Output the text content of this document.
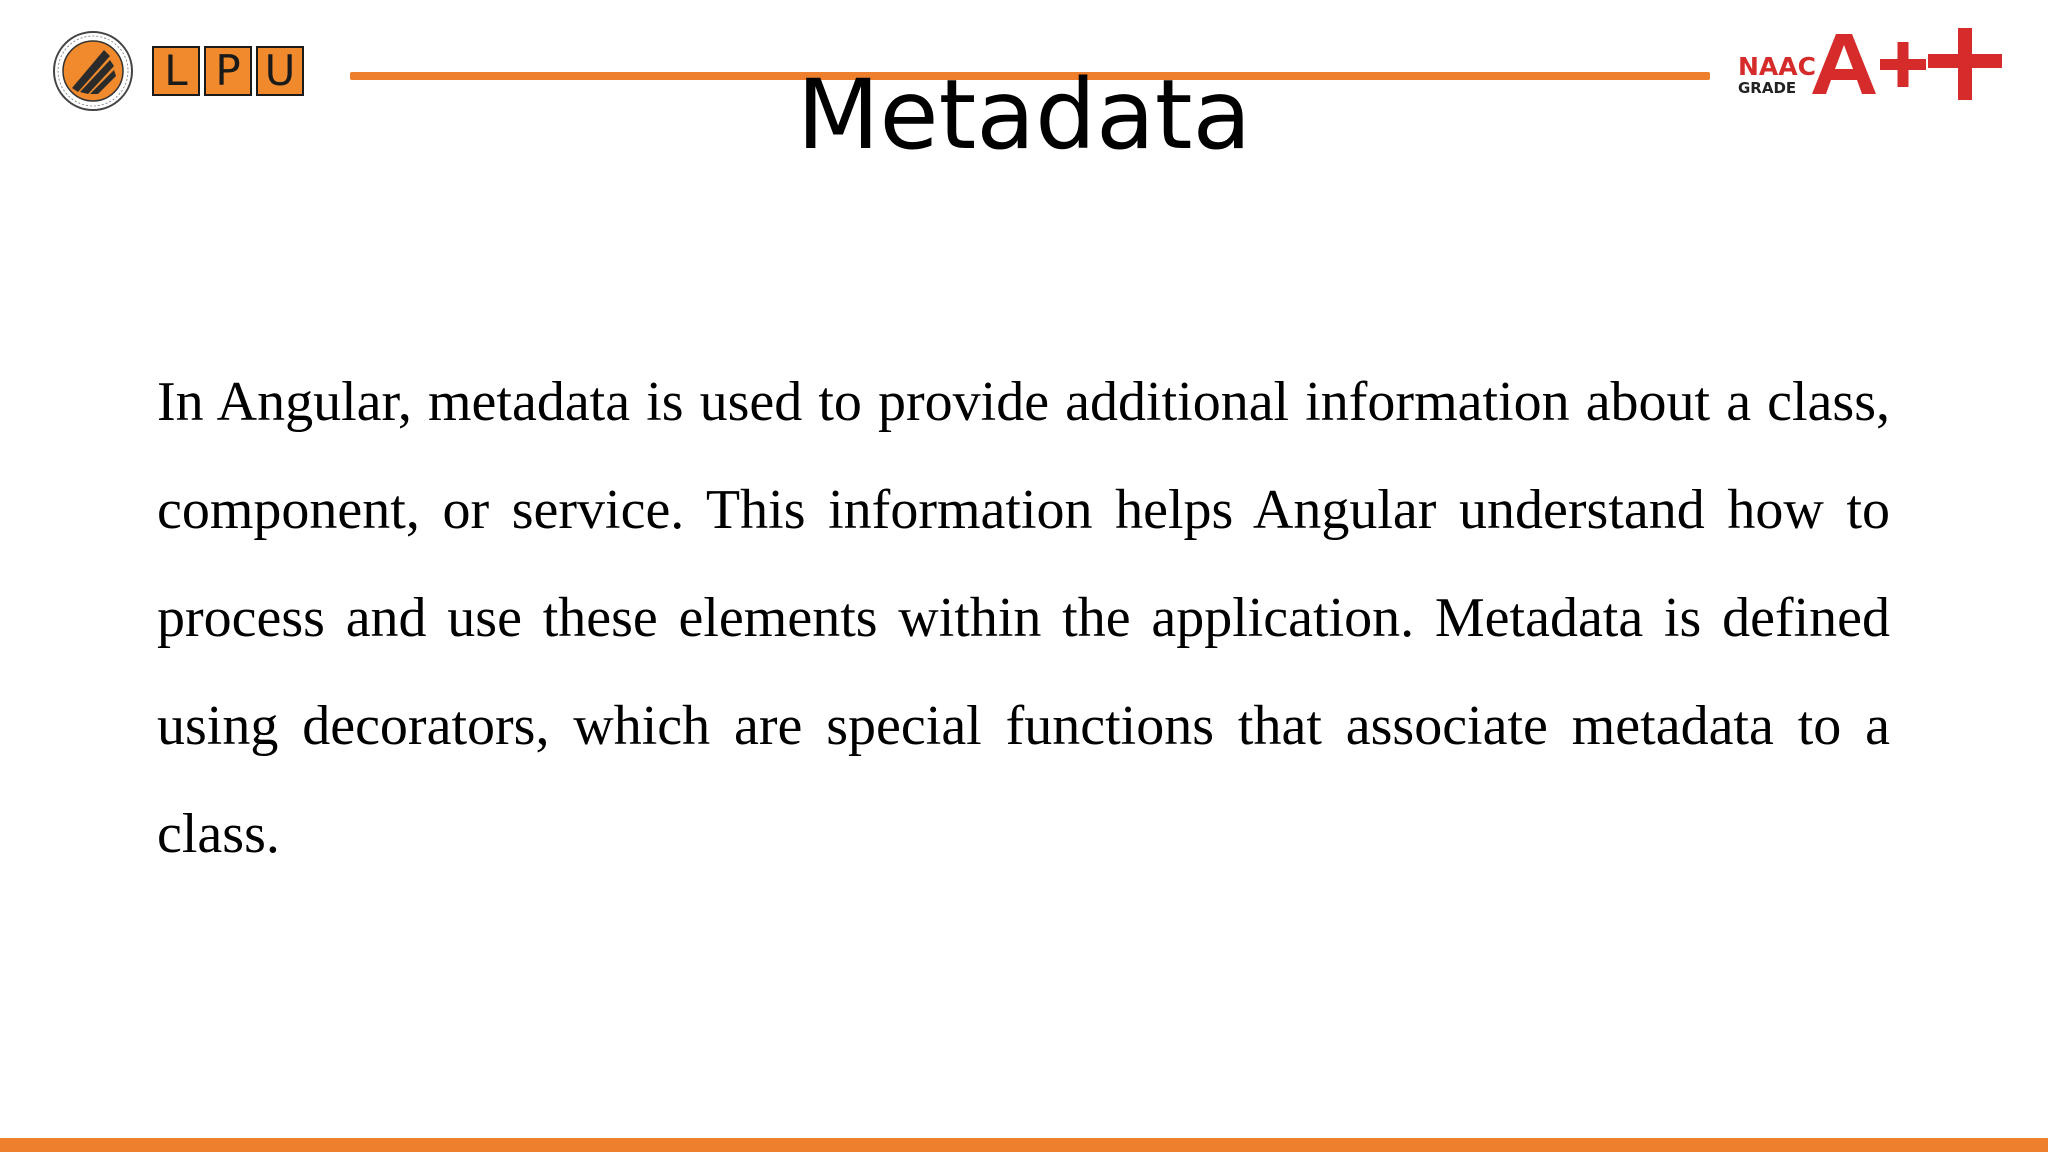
L P U	NAAC
GRADE
Metadata

In Angular, metadata is used to provide additional information about a class, component, or service. This information helps Angular understand how to process and use these elements within the application. Metadata is defined using decorators, which are special functions that associate metadata to a class.
